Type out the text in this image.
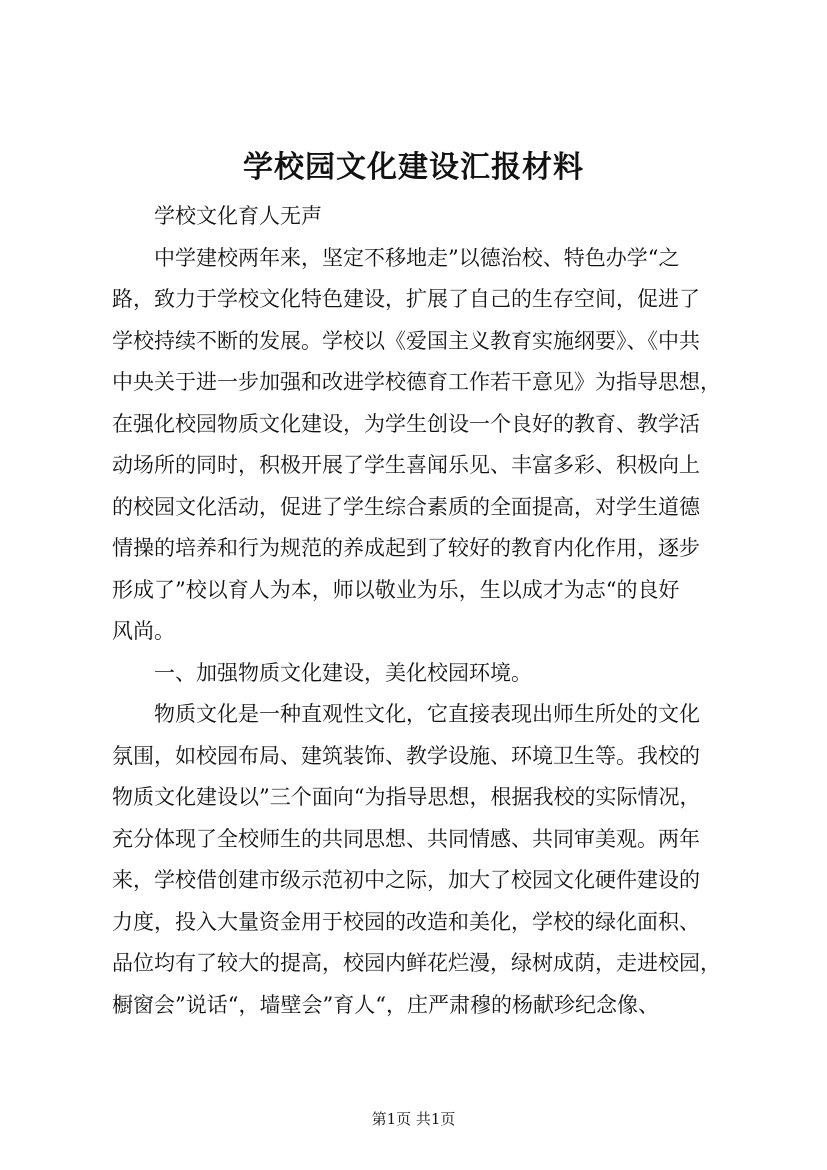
学校园文化建设汇报材料
学校文化育人无声
中学建校两年来，坚定不移地走”以德治校、特色办学“之
路，致力于学校文化特色建设，扩展了自己的生存空间，促进了
学校持续不断的发展。学校以《爱国主义教育实施纲要》、《中共
中央关于进一步加强和改进学校德育工作若干意见》为指导思想，
在强化校园物质文化建设，为学生创设一个良好的教育、教学活
动场所的同时，积极开展了学生喜闻乐见、丰富多彩、积极向上
的校园文化活动，促进了学生综合素质的全面提高，对学生道德
情操的培养和行为规范的养成起到了较好的教育内化作用，逐步
形成了”校以育人为本，师以敬业为乐，生以成才为志“的良好
风尚。
一、加强物质文化建设，美化校园环境。
物质文化是一种直观性文化，它直接表现出师生所处的文化
氛围，如校园布局、建筑装饰、教学设施、环境卫生等。我校的
物质文化建设以”三个面向“为指导思想，根据我校的实际情况，
充分体现了全校师生的共同思想、共同情感、共同审美观。两年
来，学校借创建市级示范初中之际，加大了校园文化硬件建设的
力度，投入大量资金用于校园的改造和美化，学校的绿化面积、
品位均有了较大的提高，校园内鲜花烂漫，绿树成荫，走进校园，
橱窗会”说话“，墙壁会”育人“，庄严肃穆的杨献珍纪念像、
第1页 共1页
